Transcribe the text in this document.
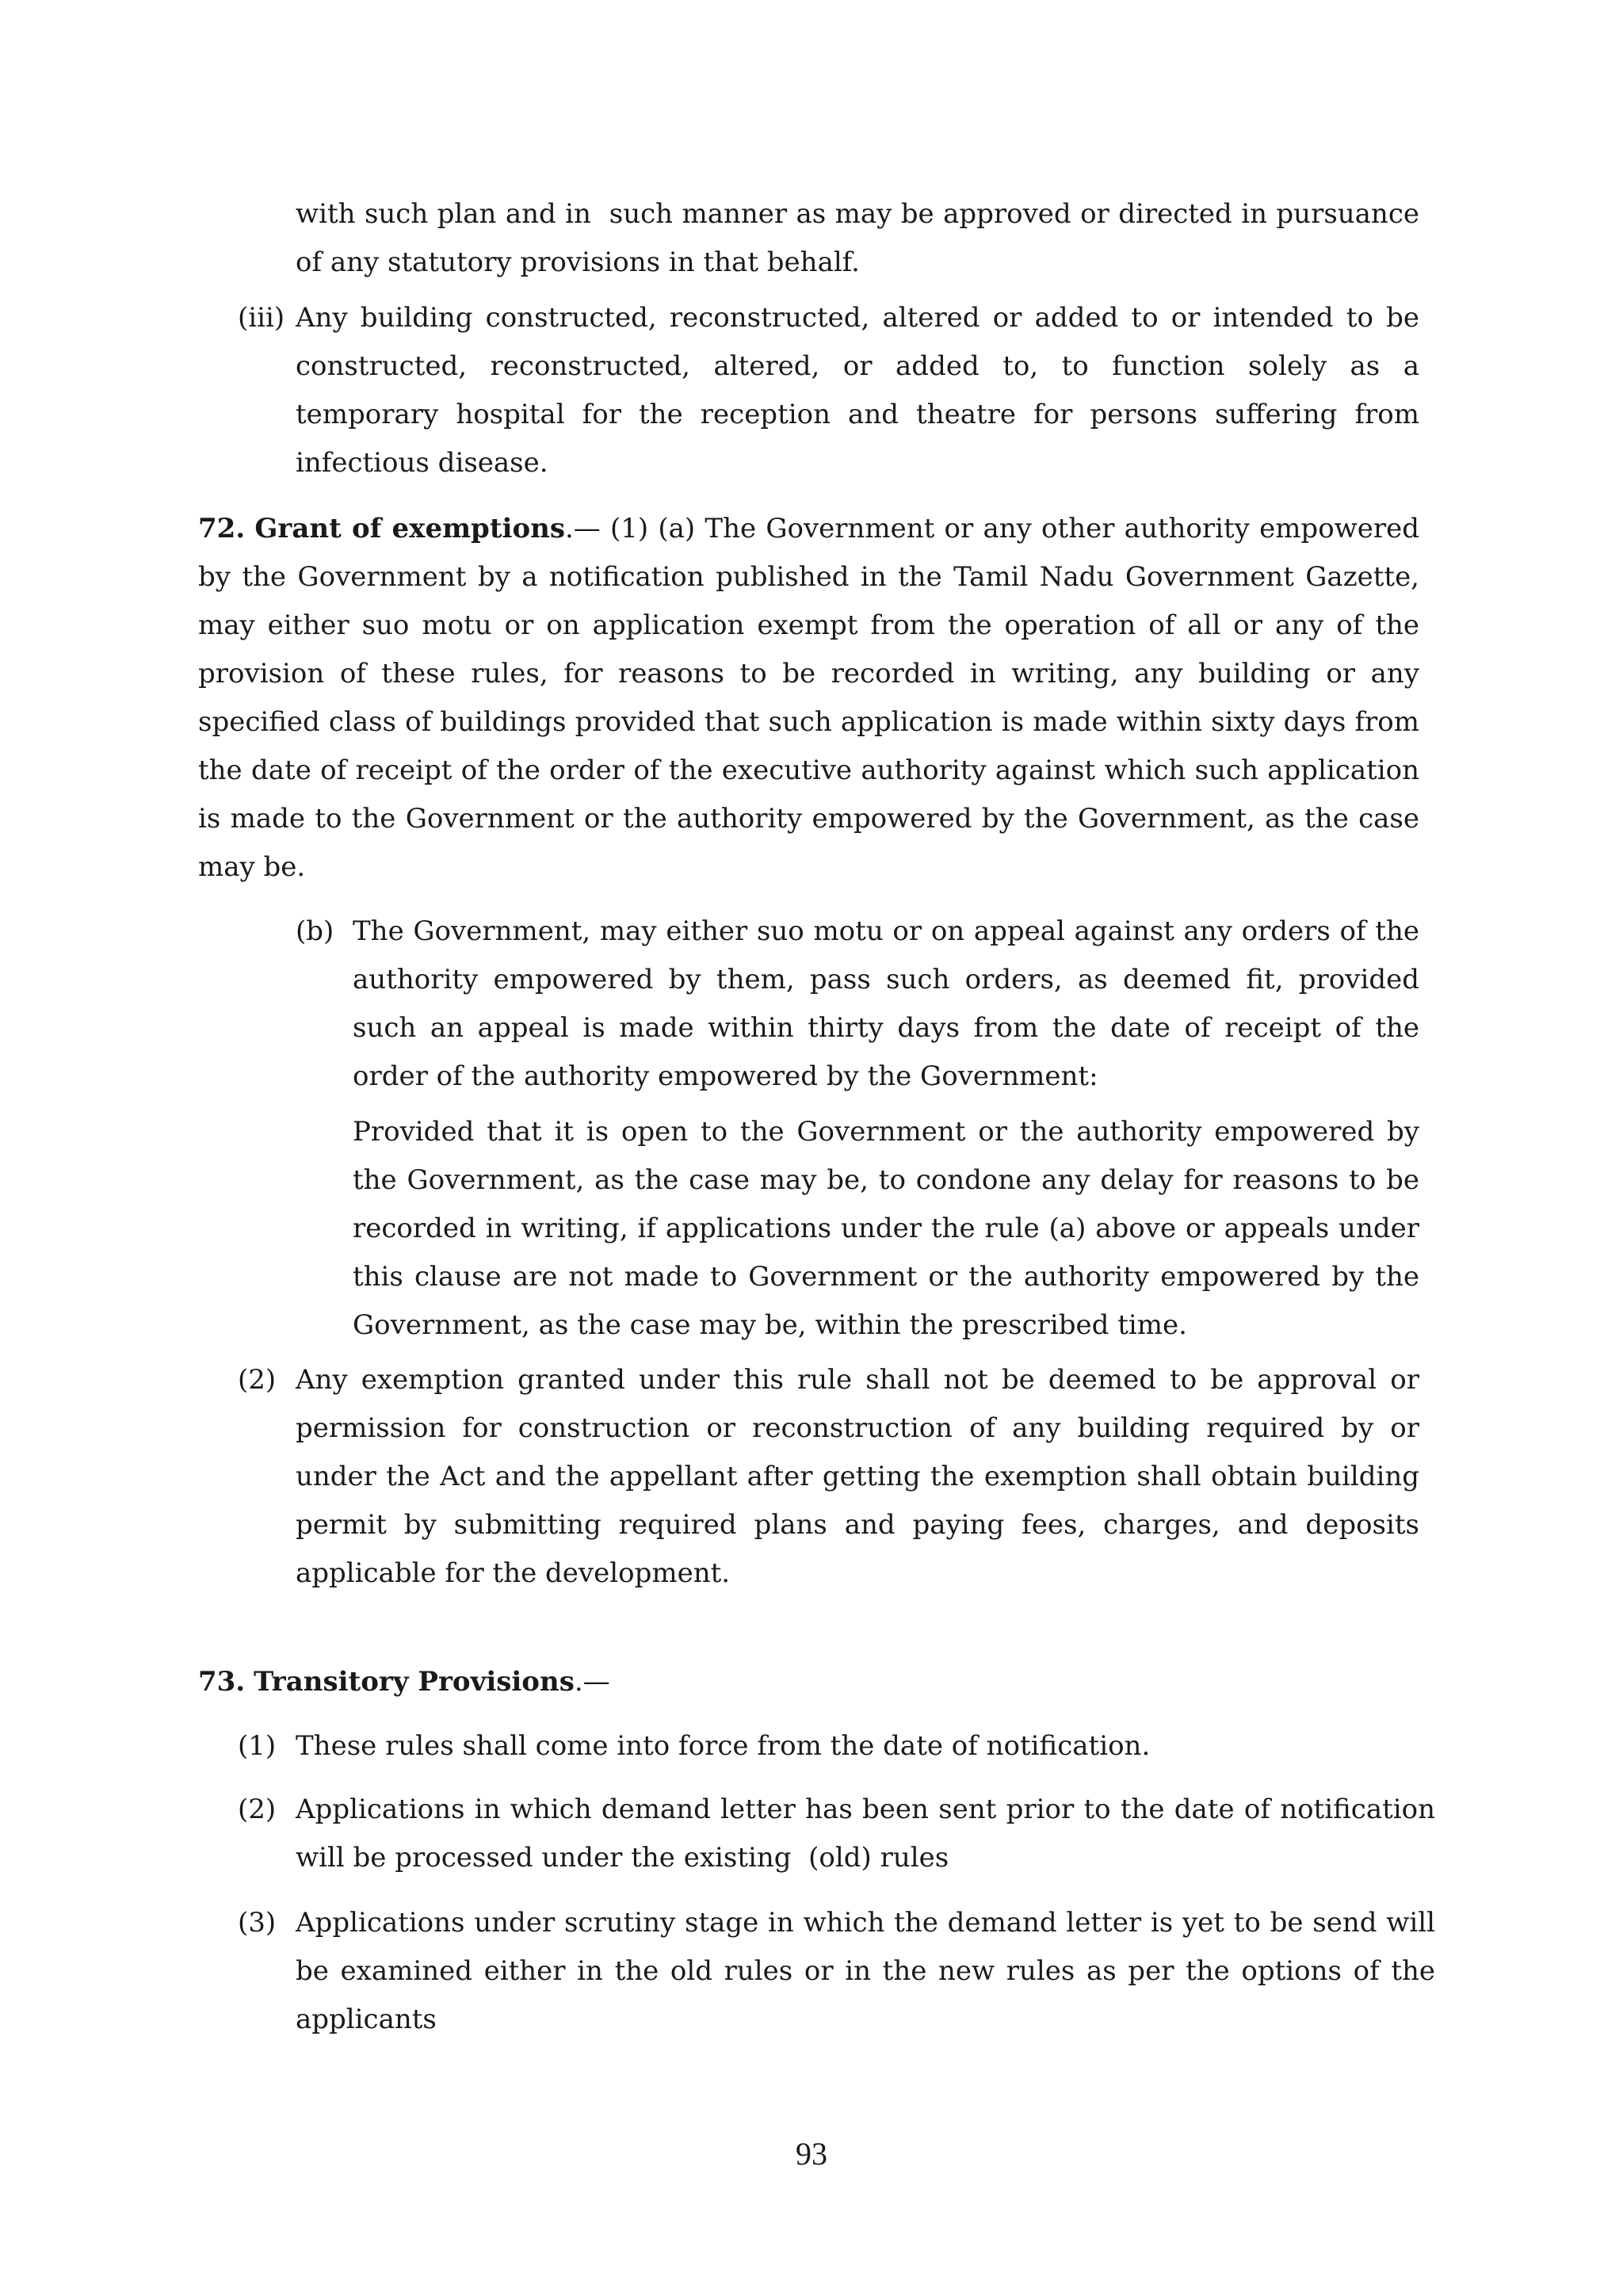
with such plan and in  such manner as may be approved or directed in pursuance of any statutory provisions in that behalf.

(iii) Any building constructed, reconstructed, altered or added to or intended to be constructed, reconstructed, altered, or added to, to function solely as a temporary hospital for the reception and theatre for persons suffering from infectious disease.

72. Grant of exemptions.— (1) (a) The Government or any other authority empowered by the Government by a notification published in the Tamil Nadu Government Gazette, may either suo motu or on application exempt from the operation of all or any of the provision of these rules, for reasons to be recorded in writing, any building or any specified class of buildings provided that such application is made within sixty days from the date of receipt of the order of the executive authority against which such application is made to the Government or the authority empowered by the Government, as the case may be.

(b) The Government, may either suo motu or on appeal against any orders of the authority empowered by them, pass such orders, as deemed fit, provided such an appeal is made within thirty days from the date of receipt of the order of the authority empowered by the Government:

Provided that it is open to the Government or the authority empowered by the Government, as the case may be, to condone any delay for reasons to be recorded in writing, if applications under the rule (a) above or appeals under this clause are not made to Government or the authority empowered by the Government, as the case may be, within the prescribed time.

(2) Any exemption granted under this rule shall not be deemed to be approval or permission for construction or reconstruction of any building required by or under the Act and the appellant after getting the exemption shall obtain building permit by submitting required plans and paying fees, charges, and deposits applicable for the development.

73. Transitory Provisions.—

(1) These rules shall come into force from the date of notification.

(2) Applications in which demand letter has been sent prior to the date of notification will be processed under the existing  (old) rules

(3) Applications under scrutiny stage in which the demand letter is yet to be send will be examined either in the old rules or in the new rules as per the options of the applicants

93
